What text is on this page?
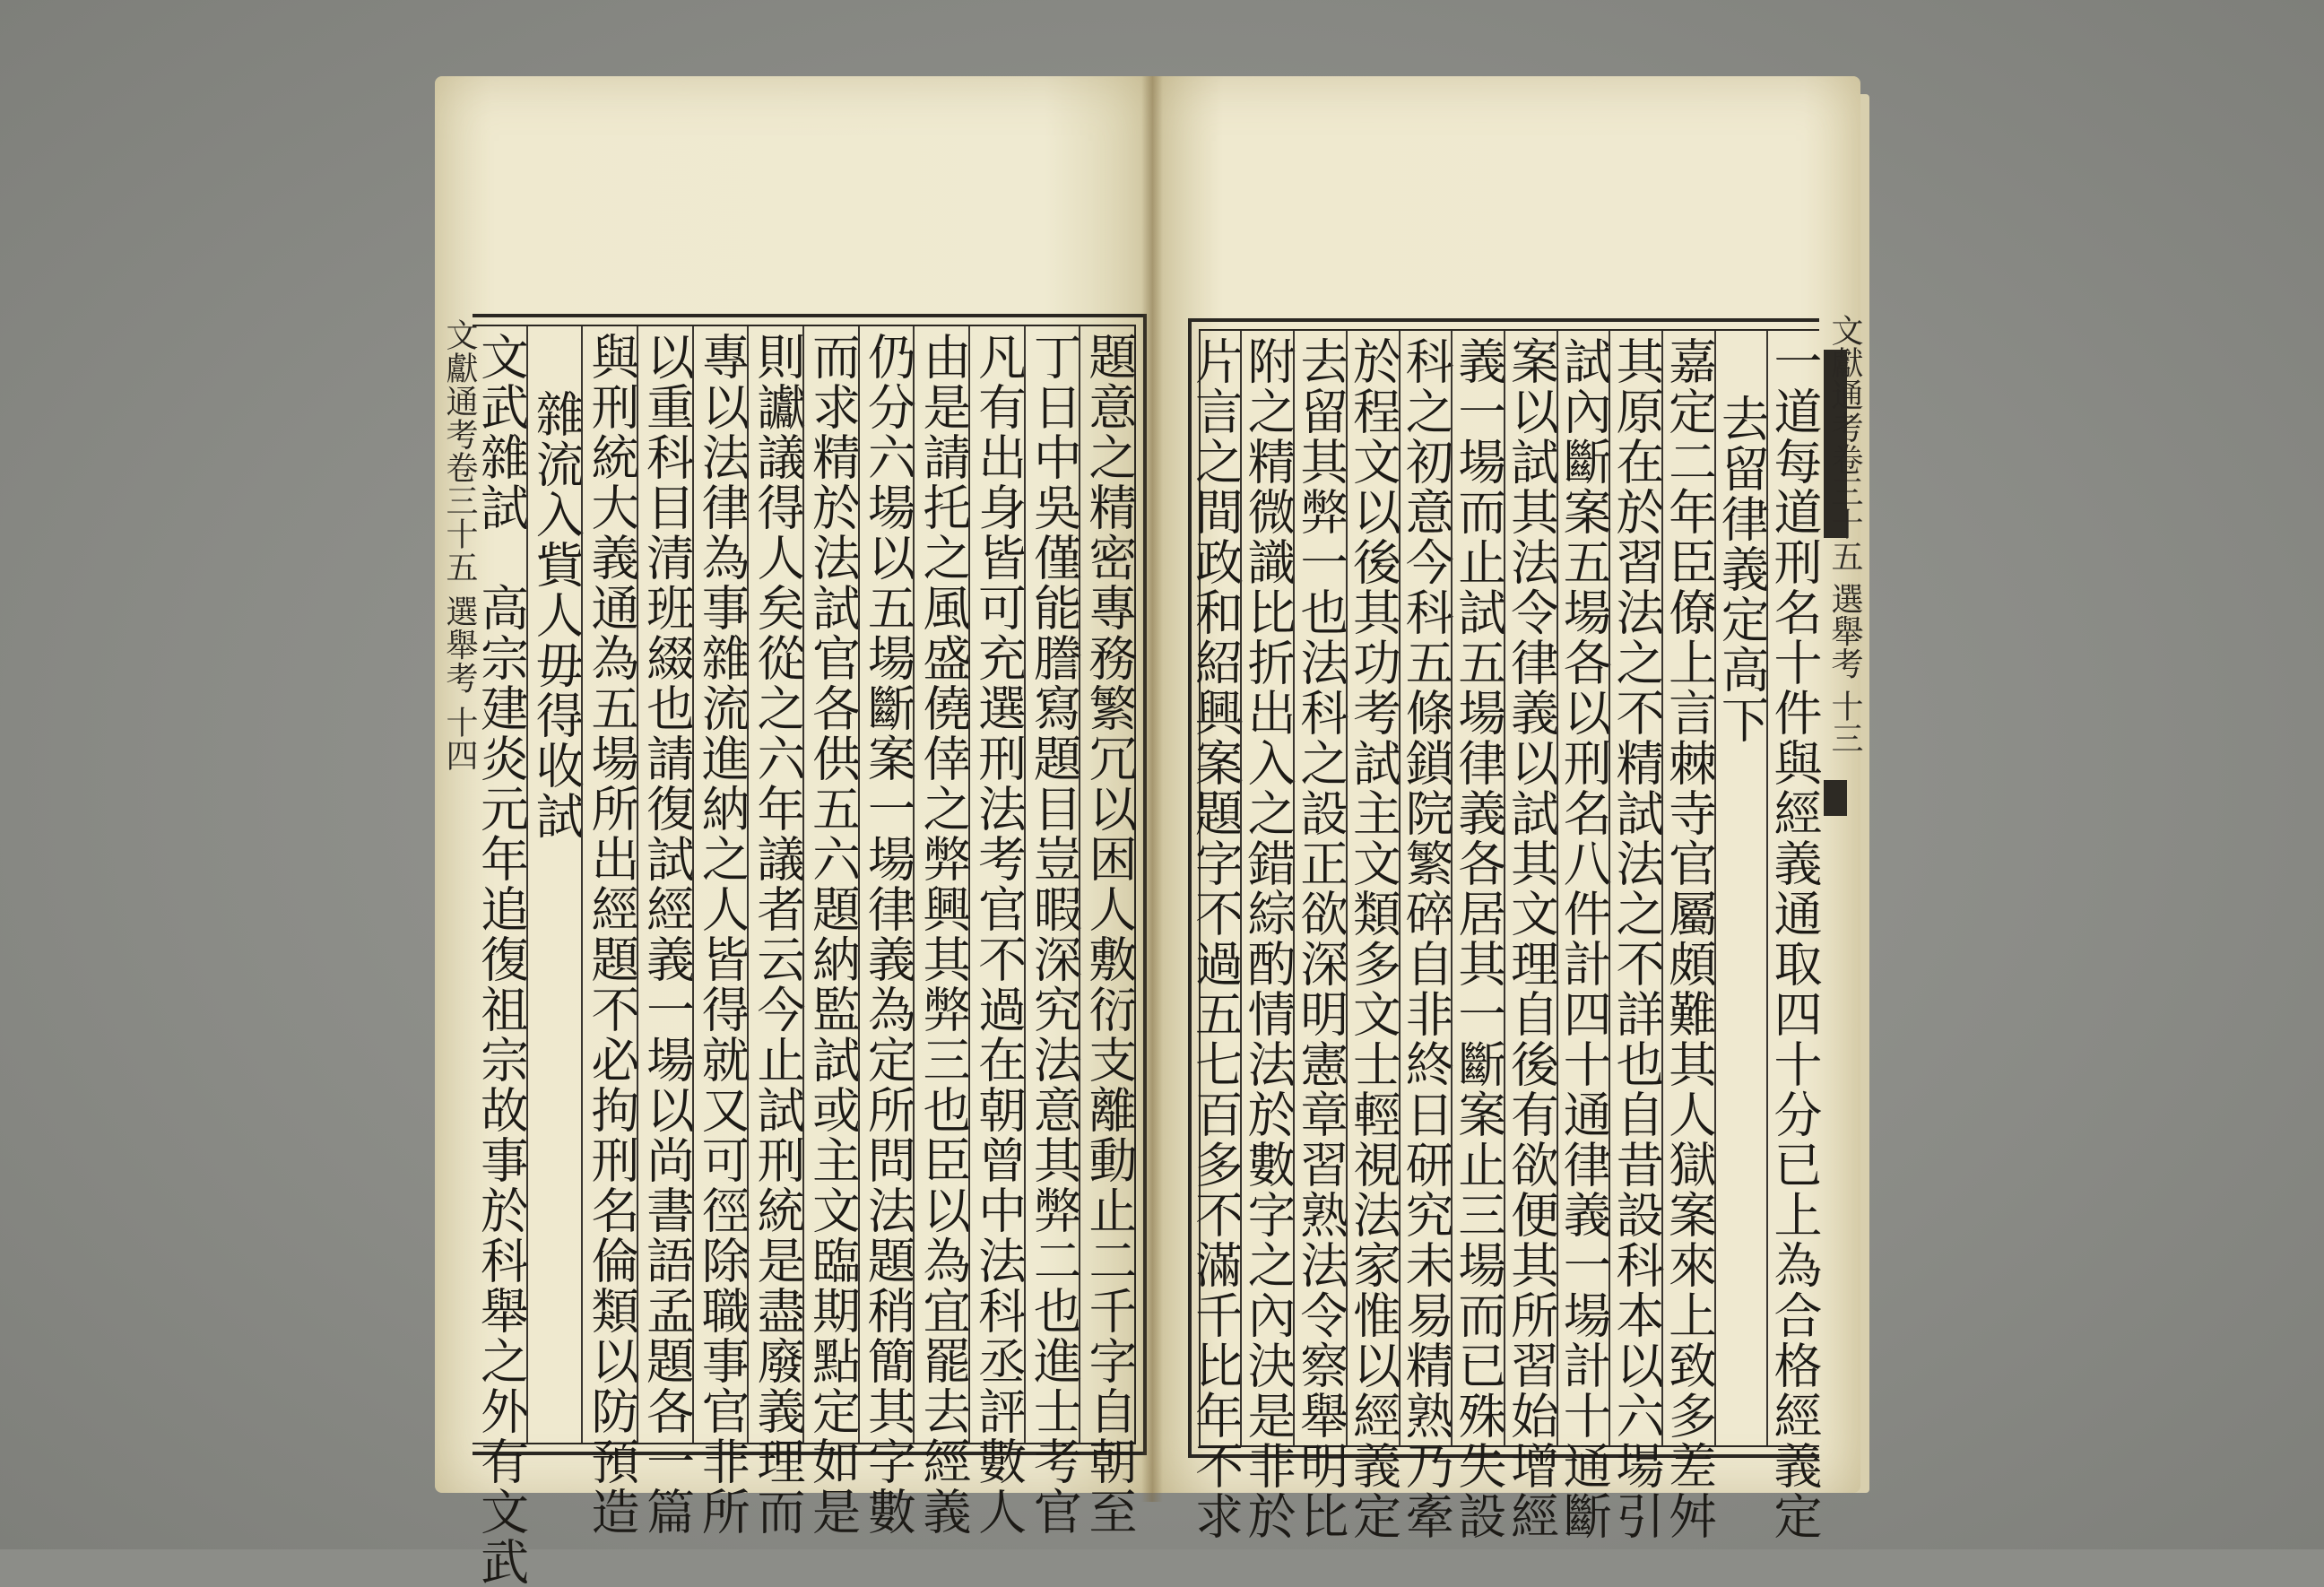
文獻通考卷三十五 選舉考 十四	題意之精密專務繁冗以困人敷衍支離動止二千字自朝至
丁日中吳僅能謄寫題目豈暇深究法意其弊二也進士考官
凡有出身皆可充選刑法考官不過在朝曾中法科丞評數人
由是請托之風盛僥倖之弊興其弊三也臣以為宜罷去經義
仍分六場以五場斷案一場律義為定所問法題稍簡其字數
而求精於法試官各供五六題納監試或主文臨期點定如是
則讞議得人矣從之六年議者云今止試刑統是盡廢義理而
專以法律為事雜流進納之人皆得就又可徑除職事官非所
以重科目清班綴也請復試經義一場以尚書語孟題各一篇
與刑統大義通為五場所出經題不必拘刑名倫類以防預造
雜流入貲人毋得收試
文武雜試　高宗建炎元年追復祖宗故事於科舉之外有文武	一道每道刑名十件與經義通取四十分已上為合格經義定
去留律義定高下
嘉定二年臣僚上言棘寺官屬頗難其人獄案來上致多差舛
其原在於習法之不精試法之不詳也自昔設科本以六場引
試內斷案五場各以刑名八件計四十通律義一場計十通斷
案以試其法令律義以試其文理自後有欲便其所習始增經
義一場而止試五場律義各居其一斷案止三場而已殊失設
科之初意今科五條鎖院繁碎自非終日研究未易精熟乃牽
於程文以後其功考試主文類多文士輕視法家惟以經義定
去留其弊一也法科之設正欲深明憲章習熟法令察舉明比
附之精微識比折出入之錯綜酌情法於數字之內決是非於
片言之間政和紹興案題字不過五七百多不滿千比年不求	文獻通考卷三十五 選舉考 十三
